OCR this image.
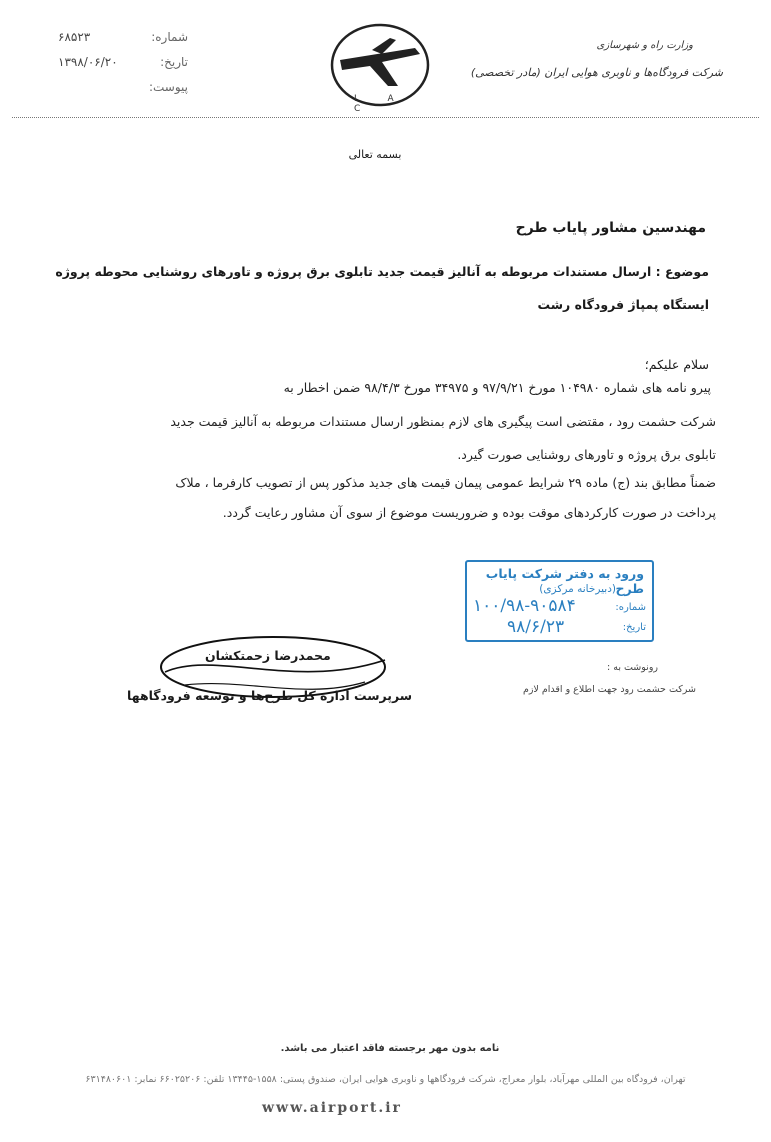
شماره:
۶۸۵۲۳
تاریخ:
۱۳۹۸/۰۶/۲۰
پیوست:
I A C
وزارت راه و شهرسازی
شرکت فرودگاه‌ها و ناوبری هوایی ایران (مادر تخصصی)
بسمه تعالی
مهندسین مشاور پایاب طرح
موضوع : ارسال مستندات مربوطه به آنالیز قیمت جدید تابلوی برق پروژه و تاورهای روشنایی محوطه پروژه
ایستگاه پمپاژ فرودگاه رشت
سلام علیکم؛
پیرو نامه های شماره ۱۰۴۹۸۰ مورخ ۹۷/۹/۲۱ و ۳۴۹۷۵ مورخ ۹۸/۴/۳ ضمن اخطار به
شرکت حشمت رود ، مقتضی است پیگیری های لازم بمنظور ارسال مستندات مربوطه به آنالیز قیمت جدید
تابلوی برق پروژه و تاورهای روشنایی صورت گیرد.
ضمناً مطابق بند (ج) ماده ۲۹ شرایط عمومی پیمان قیمت های جدید مذکور پس از تصویب کارفرما ، ملاک
پرداخت در صورت کارکردهای موقت بوده و ضروریست موضوع از سوی آن مشاور رعایت گردد.
ورود به دفتر شرکت پایاب طرح
(دبیرخانه مرکزی)
شماره:
۱۰۰/۹۸-۹۰۵۸۴
تاریخ:
۹۸/۶/۲۳
محمدرضا زحمتکشان
سرپرست اداره کل طرح‌ها و توسعه فرودگاهها
رونوشت به :
شرکت حشمت رود جهت اطلاع و اقدام لازم
نامه بدون مهر برجسته فاقد اعتبار می باشد.
تهران، فرودگاه بین المللی مهرآباد، بلوار معراج، شرکت فرودگاهها و ناوبری هوایی ایران، صندوق پستی: ۱۵۵۸-۱۳۴۴۵ تلفن: ۶۶۰۲۵۲۰۶ نمابر: ۶۳۱۴۸۰۶۰۱
www.airport.ir
